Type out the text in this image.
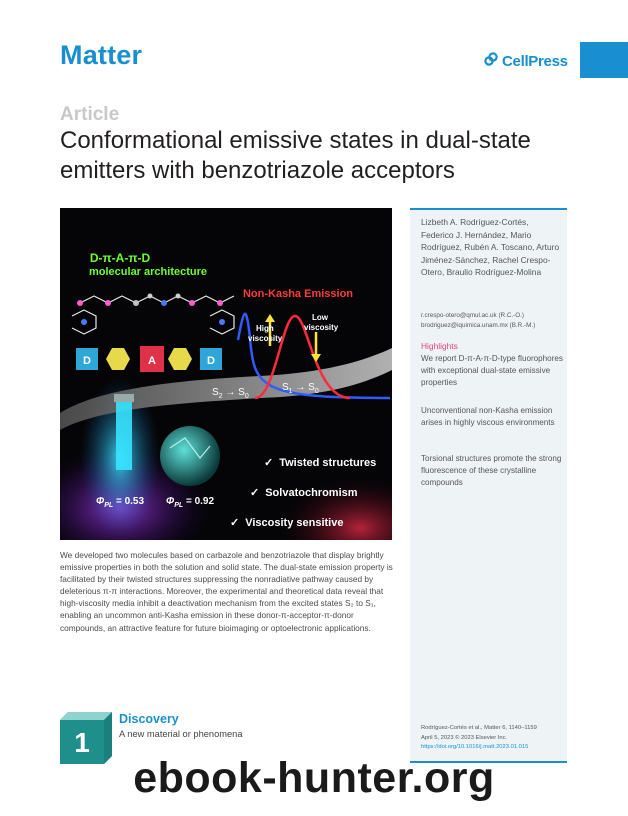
Matter	CellPress
Article
Conformational emissive states in dual-state emitters with benzotriazole acceptors
D-π-A-π-D
molecular architecture
Non-Kasha Emission
D	A	D
High viscosity
Low viscosity
$S_2 \to S_0$
$S_1 \to S_0$
$\Phi_{PL} = 0.53$ $\Phi_{PL} = 0.92$
✓ Twisted structures
✓ Solvatochromism
✓ Viscosity sensitive
We developed two molecules based on carbazole and benzotriazole that display brightly emissive properties in both the solution and solid state. The dual-state emission property is facilitated by their twisted structures suppressing the nonradiative pathway caused by deleterious π-π interactions. Moreover, the experimental and theoretical data reveal that high-viscosity media inhibit a deactivation mechanism from the excited states S₂ to S₁, enabling an uncommon anti-Kasha emission in these donor-π-acceptor-π-donor compounds, an attractive feature for future bioimaging or optoelectronic applications.
Lizbeth A. Rodríguez-Cortés, Federico J. Hernández, Mario Rodríguez, Rubén A. Toscano, Arturo Jiménez-Sánchez, Rachel Crespo-Otero, Braulio Rodríguez-Molina
r.crespo-otero@qmul.ac.uk (R.C.-O.)
brodriguez@iquimica.unam.mx (B.R.-M.)
Highlights
We report D-π-A-π-D-type fluorophores with exceptional dual-state emissive properties
Unconventional non-Kasha emission arises in highly viscous environments
Torsional structures promote the strong fluorescence of these crystalline compounds
Rodríguez-Cortés et al., Matter 6, 1140–1159
April 5, 2023 © 2023 Elsevier Inc.
https://doi.org/10.1016/j.matt.2023.01.015
1
Discovery
A new material or phenomena
ebook-hunter.org
